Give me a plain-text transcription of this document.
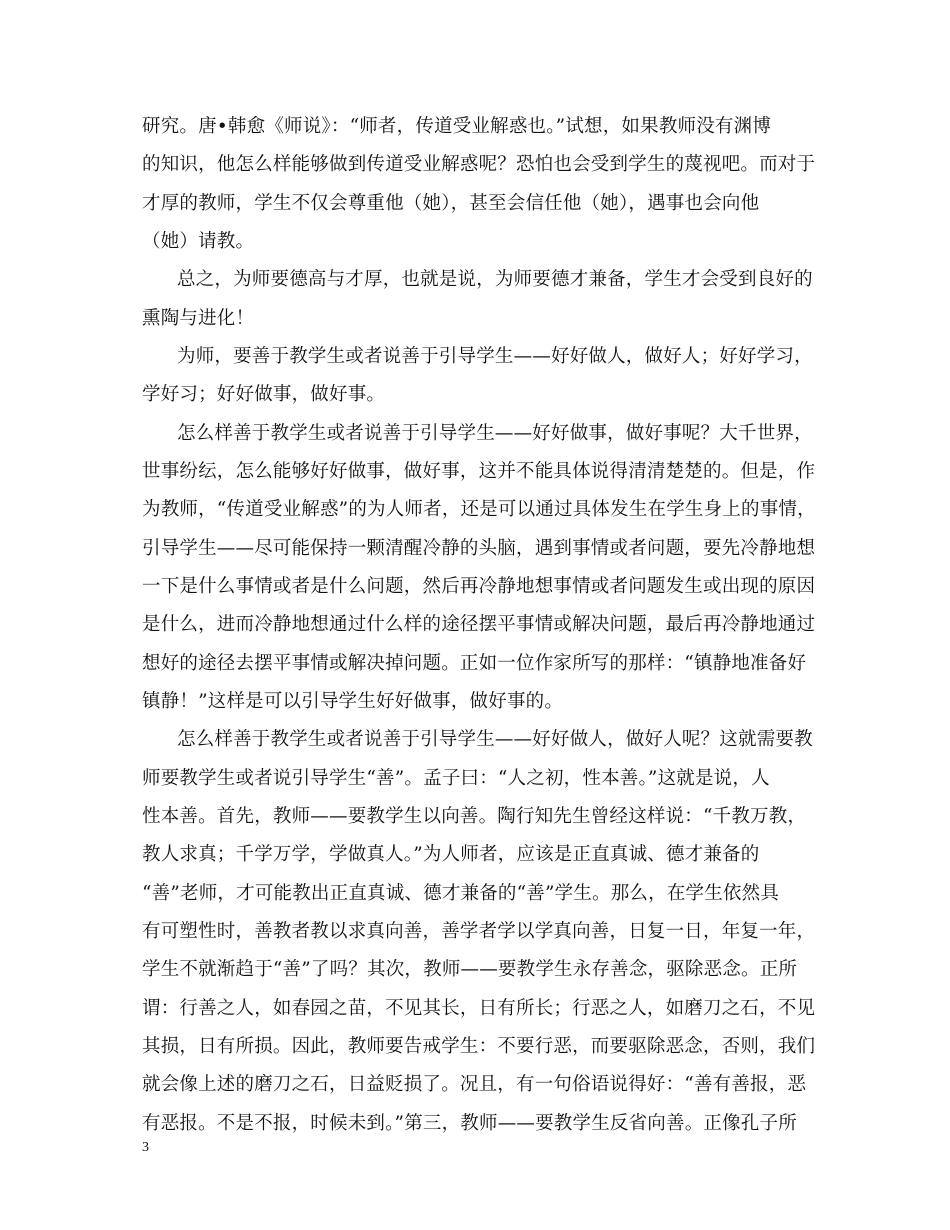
研究。唐•韩愈《师说》：“师者，传道受业解惑也。”试想，如果教师没有渊博
的知识，他怎么样能够做到传道受业解惑呢？恐怕也会受到学生的蔑视吧。而对于
才厚的教师，学生不仅会尊重他（她），甚至会信任他（她），遇事也会向他
（她）请教。
总之，为师要德高与才厚，也就是说，为师要德才兼备，学生才会受到良好的
熏陶与进化！
为师，要善于教学生或者说善于引导学生——好好做人，做好人；好好学习，
学好习；好好做事，做好事。
怎么样善于教学生或者说善于引导学生——好好做事，做好事呢？大千世界，
世事纷纭，怎么能够好好做事，做好事，这并不能具体说得清清楚楚的。但是，作
为教师，“传道受业解惑”的为人师者，还是可以通过具体发生在学生身上的事情，
引导学生——尽可能保持一颗清醒冷静的头脑，遇到事情或者问题，要先冷静地想
一下是什么事情或者是什么问题，然后再冷静地想事情或者问题发生或出现的原因
是什么，进而冷静地想通过什么样的途径摆平事情或解决问题，最后再冷静地通过
想好的途径去摆平事情或解决掉问题。正如一位作家所写的那样：“镇静地准备好
镇静！”这样是可以引导学生好好做事，做好事的。
怎么样善于教学生或者说善于引导学生——好好做人，做好人呢？这就需要教
师要教学生或者说引导学生“善”。孟子曰：“人之初，性本善。”这就是说，人
性本善。首先，教师——要教学生以向善。陶行知先生曾经这样说：“千教万教，
教人求真；千学万学，学做真人。”为人师者，应该是正直真诚、德才兼备的
“善”老师，才可能教出正直真诚、德才兼备的“善”学生。那么，在学生依然具
有可塑性时，善教者教以求真向善，善学者学以学真向善，日复一日，年复一年，
学生不就渐趋于“善”了吗？其次，教师——要教学生永存善念，驱除恶念。正所
谓：行善之人，如春园之苗，不见其长，日有所长；行恶之人，如磨刀之石，不见
其损，日有所损。因此，教师要告戒学生：不要行恶，而要驱除恶念，否则，我们
就会像上述的磨刀之石，日益贬损了。况且，有一句俗语说得好：“善有善报，恶
有恶报。不是不报，时候未到。”第三，教师——要教学生反省向善。正像孔子所
3
